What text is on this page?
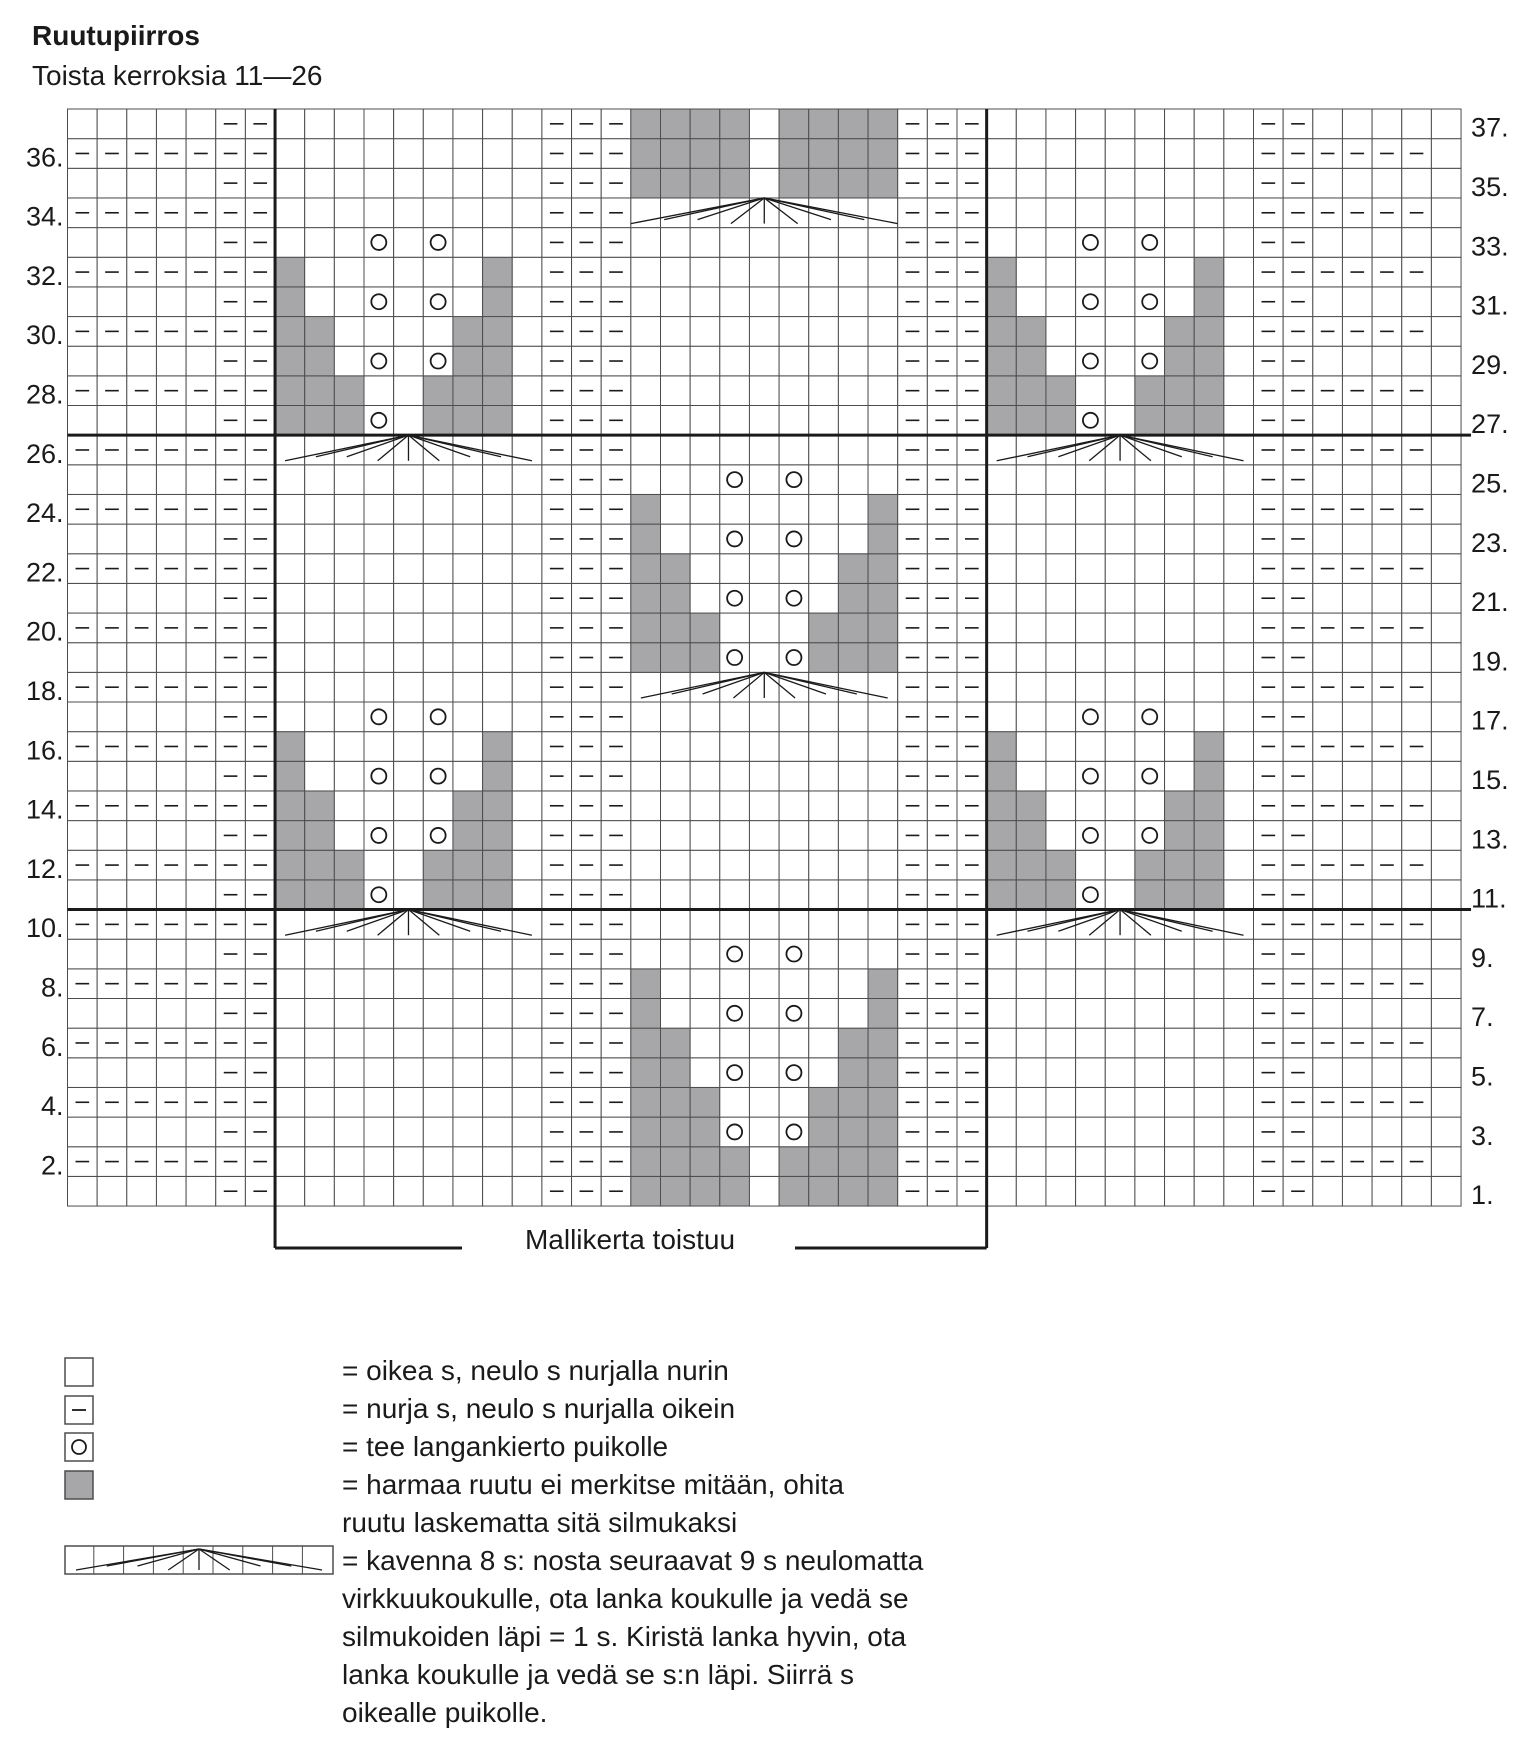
Ruutupiirros
Toista kerroksia 11—26
2.
4.
6.
8.
10.
12.
14.
16.
18.
20.
22.
24.
26.
28.
30.
32.
34.
36.
1.
3.
5.
7.
9.
11.
13.
15.
17.
19.
21.
23.
25.
27.
29.
31.
33.
35.
37.
Mallikerta toistuu
= oikea s, neulo s nurjalla nurin
= nurja s, neulo s nurjalla oikein
= tee langankierto puikolle
= harmaa ruutu ei merkitse mitään, ohita
ruutu laskematta sitä silmukaksi
= kavenna 8 s: nosta seuraavat 9 s neulomatta
virkkuukoukulle, ota lanka koukulle ja vedä se
silmukoiden läpi = 1 s. Kiristä lanka hyvin, ota
lanka koukulle ja vedä se s:n läpi. Siirrä s
oikealle puikolle.
